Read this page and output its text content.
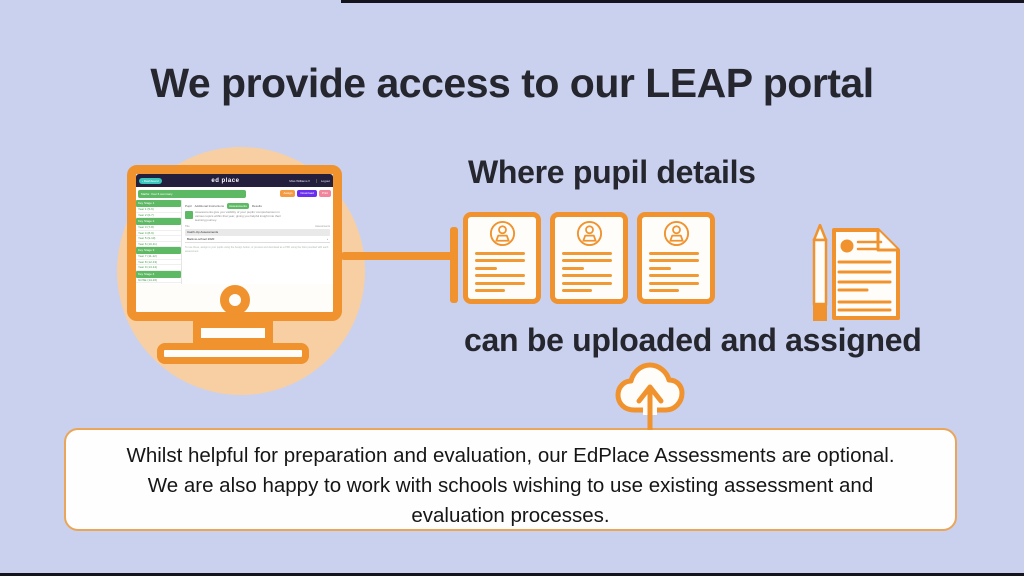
We provide access to our LEAP portal
‹ Dashboard	ed place	Miss Williams ▾	Logout
Maths: Year 6 summary	Assign	Download	Print
Key Stage 1
Year 1 (5-6)
Year 2 (6-7)
Key Stage 2
Year 3 (7-8)
Year 4 (8-9)
Year 5 (9-10)
Year 6 (10-11)
Key Stage 3
Year 7 (11-12)
Year 8 (12-13)
Year 9 (13-14)
Key Stage 4
GCSE (14-16)
Pupil Additional Instructions	Assessments	Results
Assessments give you visibility of your pupils' comprehension in various topics within that year, giving you helpful insight into their learning journey.
Title	Assessments
Catch-Up Assessments
Back-to-school 2020	›
To use these, assign to your pupils using the Assign button, or preview and download as a PDF using the links provided with each assessment.
Where pupil details
can be uploaded and assigned
Whilst helpful for preparation and evaluation, our EdPlace Assessments are optional.
We are also happy to work with schools wishing to use existing assessment and
evaluation processes.
